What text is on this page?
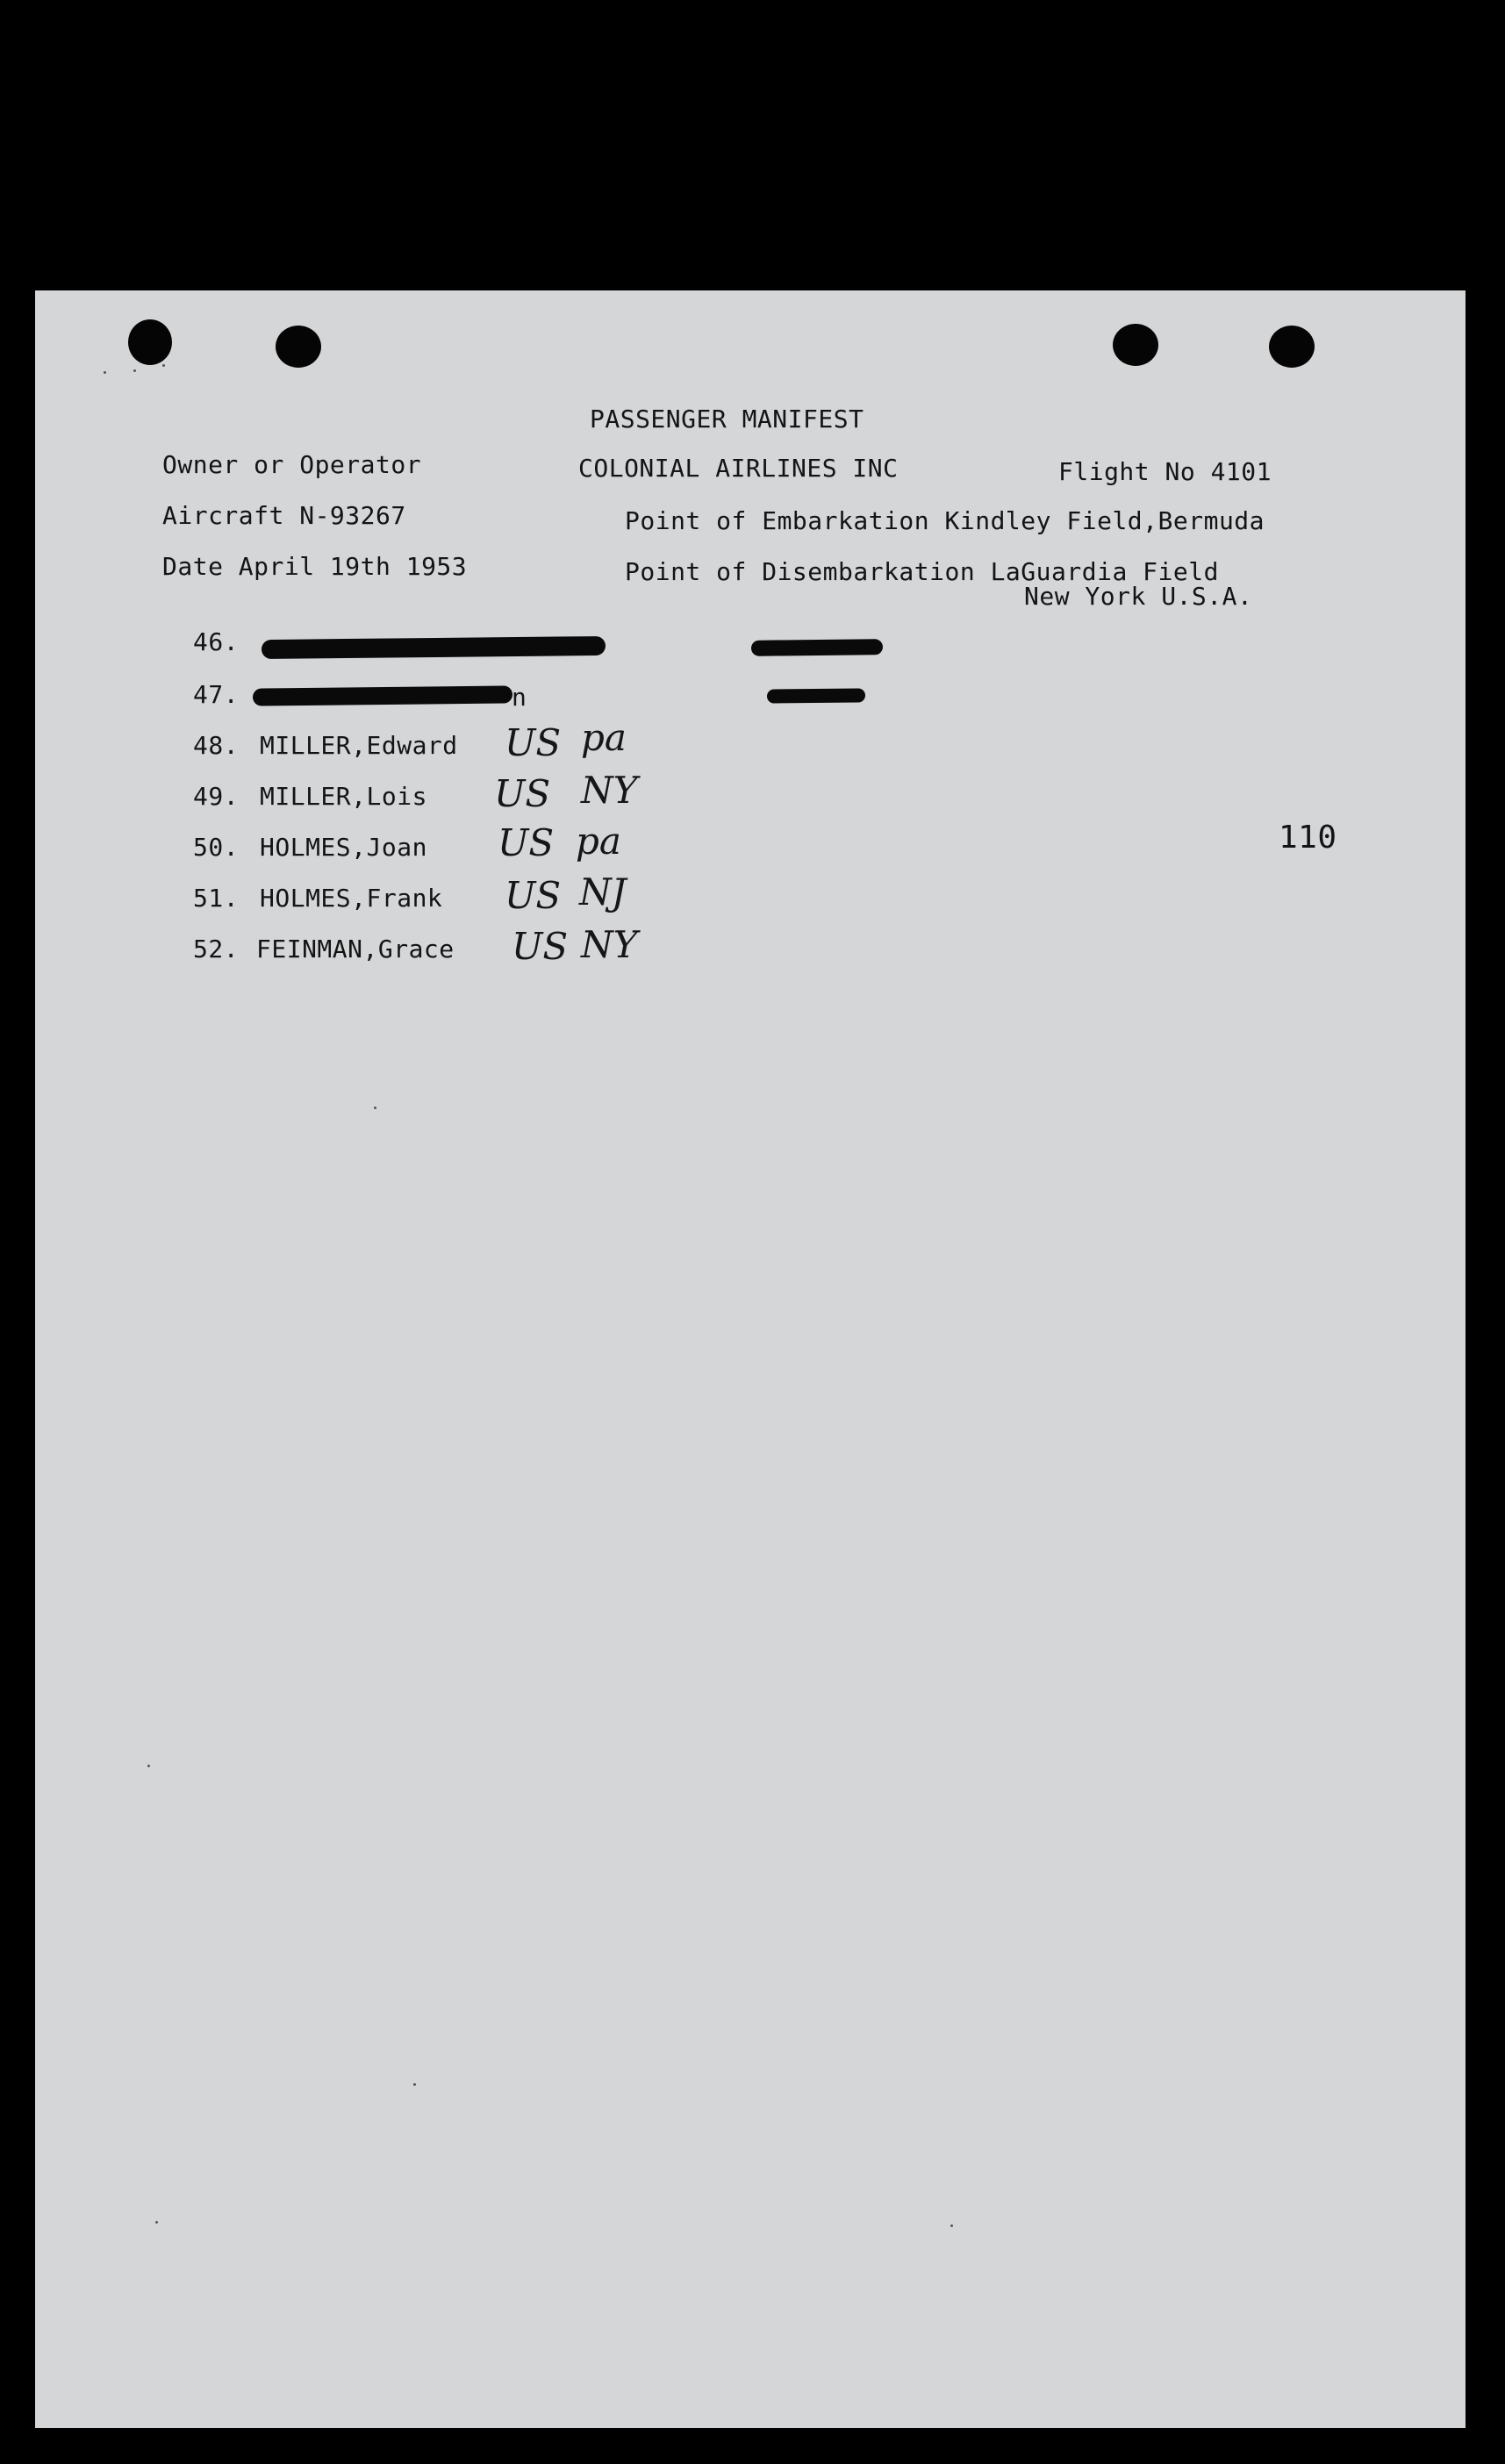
PASSENGER MANIFEST
Owner or Operator	COLONIAL AIRLINES INC	Flight No 4101
Aircraft N-93267	Point of Embarkation Kindley Field,Bermuda
Date April 19th 1953	Point of Disembarkation LaGuardia Field
New York U.S.A.
46.
47.	n
48. MILLER,Edward US pa
49. MILLER,Lois US NY
50. HOLMES,Joan US pa
51. HOLMES,Frank US NJ
52. FEINMAN,Grace US NY
110
